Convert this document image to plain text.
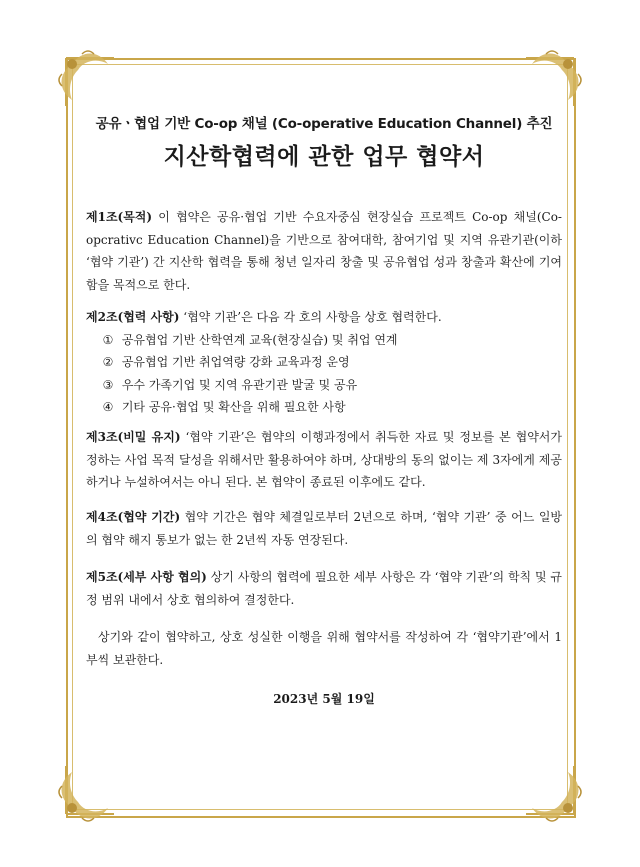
공유ㆍ협업 기반 Co-op 채널 (Co-operative Education Channel) 추진

지산학협력에 관한 업무 협약서

제1조(목적) 이 협약은 공유·협업 기반 수요자중심 현장실습 프로젝트 Co-op 채널(Co-opcrativc Education Channel)을 기반으로 참여대학, 참여기업 및 지역 유관기관(이하 ‘협약 기관’) 간 지산학 협력을 통해 청년 일자리 창출 및 공유협업 성과 창출과 확산에 기여함을 목적으로 한다.

제2조(협력 사항) ‘협약 기관’은 다음 각 호의 사항을 상호 협력한다.

① 공유협업 기반 산학연계 교육(현장실습) 및 취업 연계
② 공유협업 기반 취업역량 강화 교육과정 운영
③ 우수 가족기업 및 지역 유관기관 발굴 및 공유
④ 기타 공유·협업 및 확산을 위해 필요한 사항

제3조(비밀 유지) ‘협약 기관’은 협약의 이행과정에서 취득한 자료 및 정보를 본 협약서가 정하는 사업 목적 달성을 위해서만 활용하여야 하며, 상대방의 동의 없이는 제 3자에게 제공하거나 누설하여서는 아니 된다. 본 협약이 종료된 이후에도 같다.

제4조(협약 기간) 협약 기간은 협약 체결일로부터 2년으로 하며, ‘협약 기관’ 중 어느 일방의 협약 해지 통보가 없는 한 2년씩 자동 연장된다.

제5조(세부 사항 협의) 상기 사항의 협력에 필요한 세부 사항은 각 ‘협약 기관’의 학칙 및 규정 범위 내에서 상호 협의하여 결정한다.

상기와 같이 협약하고, 상호 성실한 이행을 위해 협약서를 작성하여 각 ‘협약기관’에서 1부씩 보관한다.

2023년 5월 19일
